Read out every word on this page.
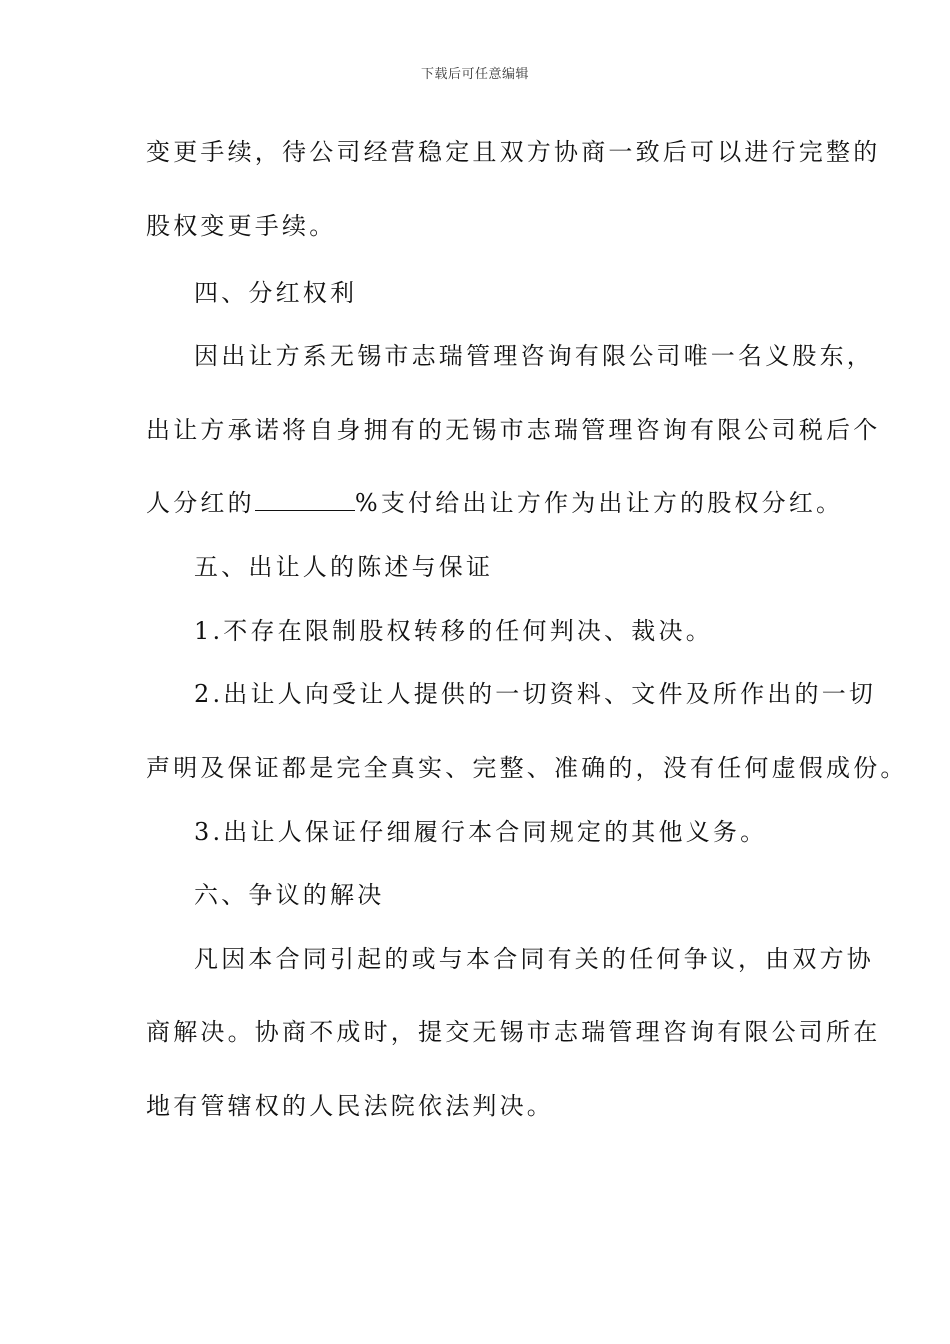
下载后可任意编辑
变更手续，待公司经营稳定且双方协商一致后可以进行完整的
股权变更手续。
四、分红权利
因出让方系无锡市志瑞管理咨询有限公司唯一名义股东，
出让方承诺将自身拥有的无锡市志瑞管理咨询有限公司税后个
人分红的	%支付给出让方作为出让方的股权分红。
五、出让人的陈述与保证
1.不存在限制股权转移的任何判决、裁决。
2.出让人向受让人提供的一切资料、文件及所作出的一切
声明及保证都是完全真实、完整、准确的，没有任何虚假成份。
3.出让人保证仔细履行本合同规定的其他义务。
六、争议的解决
凡因本合同引起的或与本合同有关的任何争议，由双方协
商解决。协商不成时，提交无锡市志瑞管理咨询有限公司所在
地有管辖权的人民法院依法判决。
